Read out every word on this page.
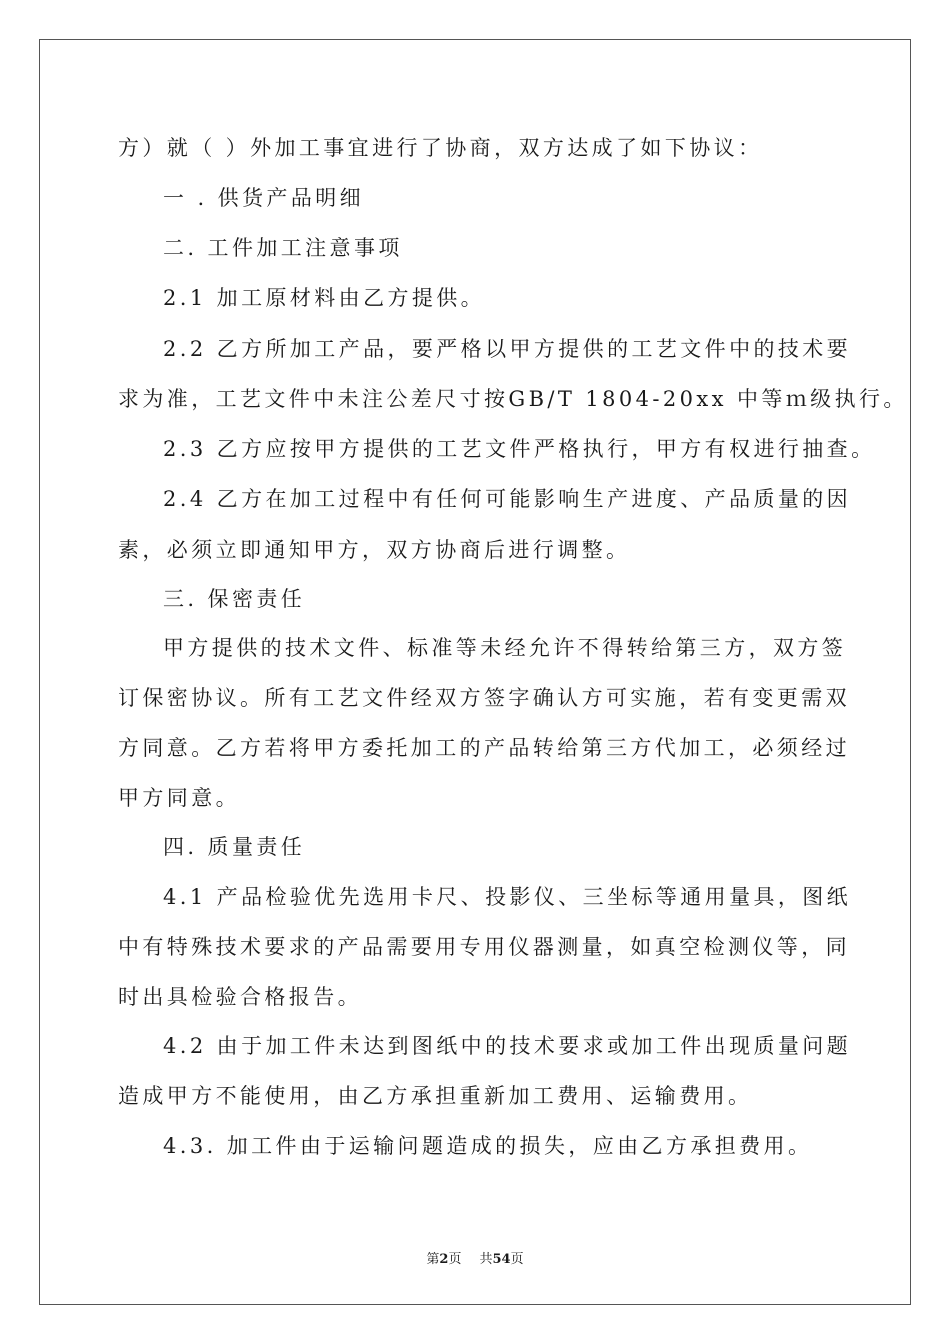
方）就（ ）外加工事宜进行了协商，双方达成了如下协议：
一 . 供货产品明细
二. 工件加工注意事项
2.1 加工原材料由乙方提供。
2.2 乙方所加工产品，要严格以甲方提供的工艺文件中的技术要
求为准，工艺文件中未注公差尺寸按GB/T 1804-20xx 中等ｍ级执行。
2.3 乙方应按甲方提供的工艺文件严格执行，甲方有权进行抽查。
2.4 乙方在加工过程中有任何可能影响生产进度、产品质量的因
素，必须立即通知甲方，双方协商后进行调整。
三. 保密责任
甲方提供的技术文件、标准等未经允许不得转给第三方，双方签
订保密协议。所有工艺文件经双方签字确认方可实施，若有变更需双
方同意。乙方若将甲方委托加工的产品转给第三方代加工，必须经过
甲方同意。
四. 质量责任
4.1 产品检验优先选用卡尺、投影仪、三坐标等通用量具，图纸
中有特殊技术要求的产品需要用专用仪器测量，如真空检测仪等，同
时出具检验合格报告。
4.2 由于加工件未达到图纸中的技术要求或加工件出现质量问题
造成甲方不能使用，由乙方承担重新加工费用、运输费用。
4.3. 加工件由于运输问题造成的损失，应由乙方承担费用。
第2页 共54页
